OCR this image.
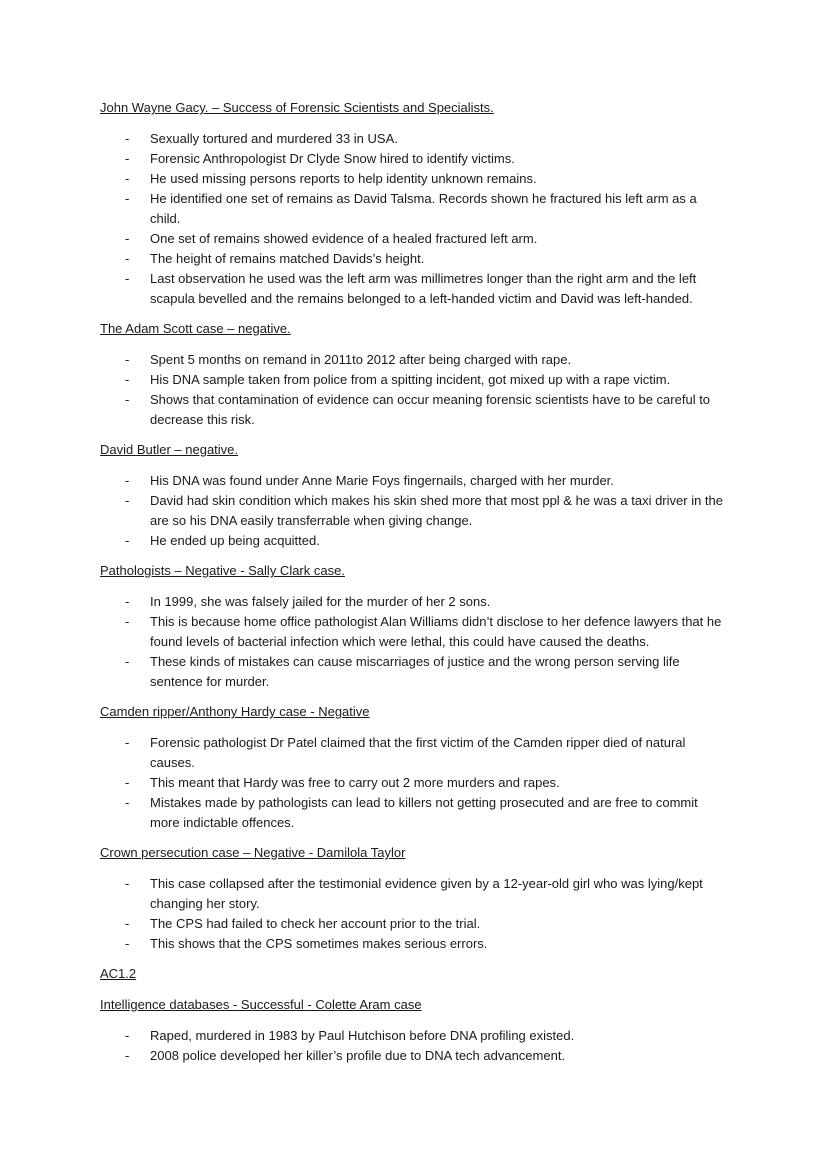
John Wayne Gacy. – Success of Forensic Scientists and Specialists.
- Sexually tortured and murdered 33 in USA.
- Forensic Anthropologist Dr Clyde Snow hired to identify victims.
- He used missing persons reports to help identity unknown remains.
- He identified one set of remains as David Talsma. Records shown he fractured his left arm as a child.
- One set of remains showed evidence of a healed fractured left arm.
- The height of remains matched Davids’s height.
- Last observation he used was the left arm was millimetres longer than the right arm and the left scapula bevelled and the remains belonged to a left-handed victim and David was left-handed.
The Adam Scott case – negative.
- Spent 5 months on remand in 2011to 2012 after being charged with rape.
- His DNA sample taken from police from a spitting incident, got mixed up with a rape victim.
- Shows that contamination of evidence can occur meaning forensic scientists have to be careful to decrease this risk.
David Butler – negative.
- His DNA was found under Anne Marie Foys fingernails, charged with her murder.
- David had skin condition which makes his skin shed more that most ppl & he was a taxi driver in the are so his DNA easily transferrable when giving change.
- He ended up being acquitted.
Pathologists – Negative - Sally Clark case.
- In 1999, she was falsely jailed for the murder of her 2 sons.
- This is because home office pathologist Alan Williams didn’t disclose to her defence lawyers that he found levels of bacterial infection which were lethal, this could have caused the deaths.
- These kinds of mistakes can cause miscarriages of justice and the wrong person serving life sentence for murder.
Camden ripper/Anthony Hardy case - Negative
- Forensic pathologist Dr Patel claimed that the first victim of the Camden ripper died of natural causes.
- This meant that Hardy was free to carry out 2 more murders and rapes.
- Mistakes made by pathologists can lead to killers not getting prosecuted and are free to commit more indictable offences.
Crown persecution case – Negative - Damilola Taylor
- This case collapsed after the testimonial evidence given by a 12-year-old girl who was lying/kept changing her story.
- The CPS had failed to check her account prior to the trial.
- This shows that the CPS sometimes makes serious errors.
AC1.2
Intelligence databases - Successful - Colette Aram case
- Raped, murdered in 1983 by Paul Hutchison before DNA profiling existed.
- 2008 police developed her killer’s profile due to DNA tech advancement.
